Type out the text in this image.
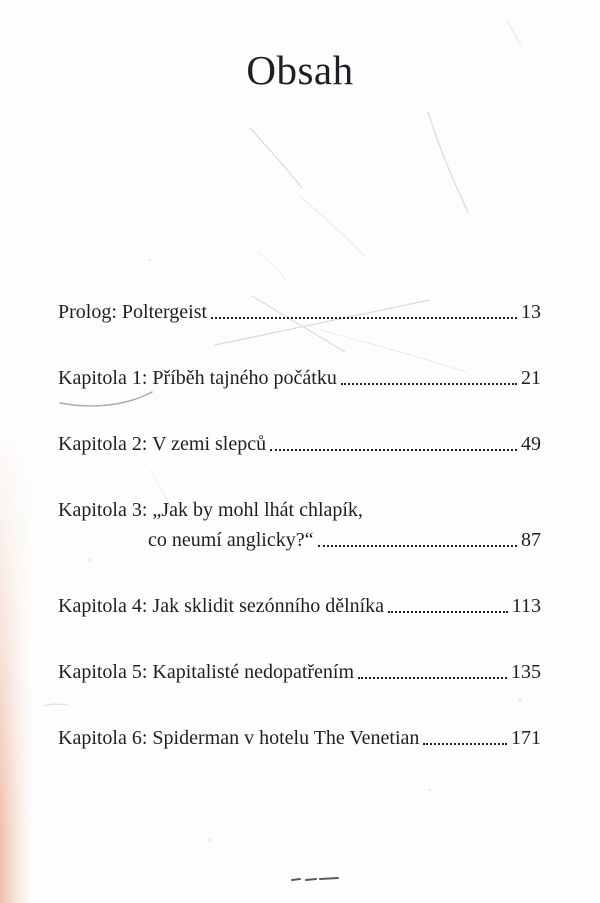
Obsah
Prolog: Poltergeist	13
Kapitola 1: Příběh tajného počátku	21
Kapitola 2: V zemi slepců	49
Kapitola 3: „Jak by mohl lhát chlapík,
co neumí anglicky?“	87
Kapitola 4: Jak sklidit sezónního dělníka	113
Kapitola 5: Kapitalisté nedopatřením	135
Kapitola 6: Spiderman v hotelu The Venetian	171
